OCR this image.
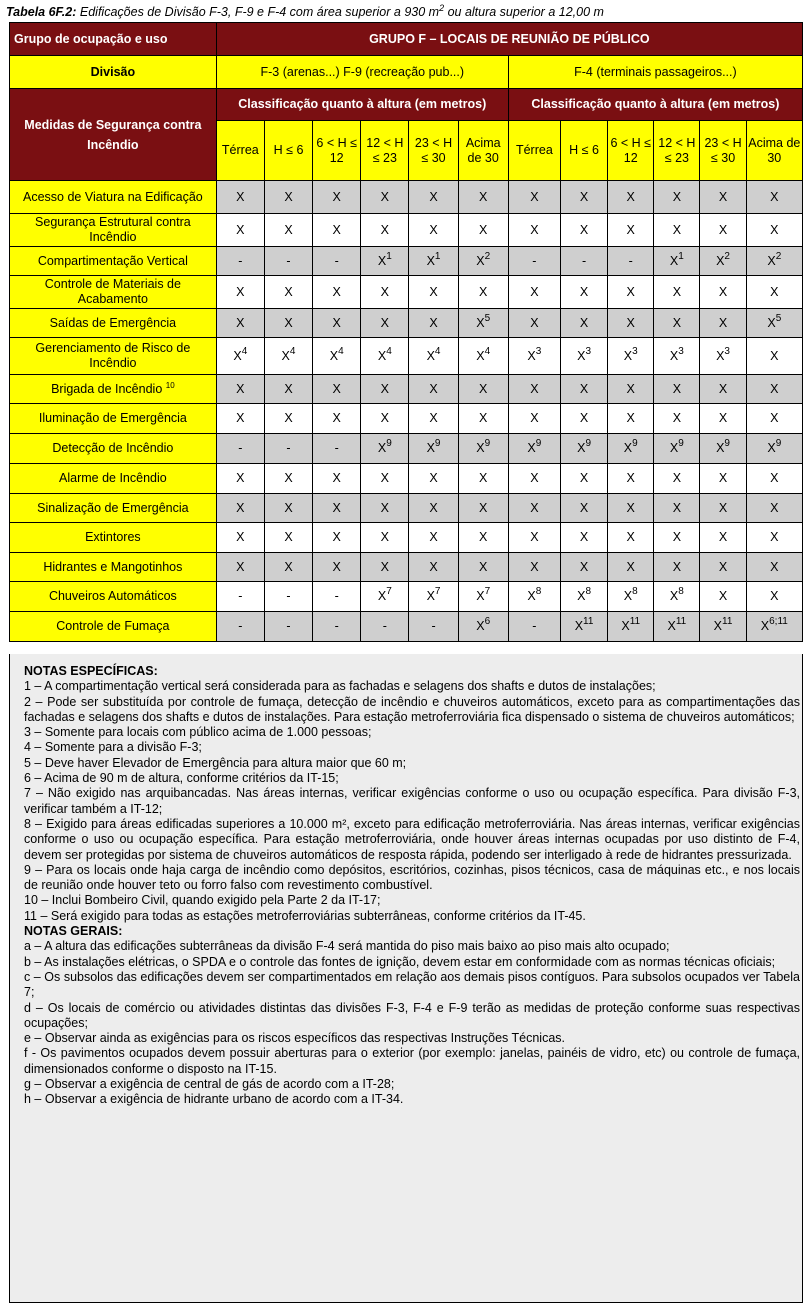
Tabela 6F.2: Edificações de Divisão F-3, F-9 e F-4 com área superior a 930 $m^2$ ou altura superior a 12,00 m
Grupo de ocupação e uso	GRUPO F – LOCAIS DE REUNIÃO DE PÚBLICO											
Divisão	F-3 (arenas...) F-9 (recreação pub...)						F-4 (terminais passageiros...)					
Medidas de Segurança contra Incêndio	Classificação quanto à altura (em metros)						Classificação quanto à altura (em metros)					
	Térrea	H ≤ 6	6 < H ≤ 12	12 < H ≤ 23	23 < H ≤ 30	Acima de 30	Térrea	H ≤ 6	6 < H ≤ 12	12 < H ≤ 23	23 < H ≤ 30	Acima de 30
Acesso de Viatura na Edificação	X	X	X	X	X	X	X	X	X	X	X	X
Segurança Estrutural contra Incêndio	X	X	X	X	X	X	X	X	X	X	X	X
Compartimentação Vertical	-	-	-	$X^1$	$X^1$	$X^2$	-	-	-	$X^1$	$X^2$	$X^2$
Controle de Materiais de Acabamento	X	X	X	X	X	X	X	X	X	X	X	X
Saídas de Emergência	X	X	X	X	X	$X^5$	X	X	X	X	X	$X^5$
Gerenciamento de Risco de Incêndio	$X^4$	$X^4$	$X^4$	$X^4$	$X^4$	$X^4$	$X^3$	$X^3$	$X^3$	$X^3$	$X^3$	X
Brigada de Incêndio $^{10}$	X	X	X	X	X	X	X	X	X	X	X	X
Iluminação de Emergência	X	X	X	X	X	X	X	X	X	X	X	X
Detecção de Incêndio	-	-	-	$X^9$	$X^9$	$X^9$	$X^9$	$X^9$	$X^9$	$X^9$	$X^9$	$X^9$
Alarme de Incêndio	X	X	X	X	X	X	X	X	X	X	X	X
Sinalização de Emergência	X	X	X	X	X	X	X	X	X	X	X	X
Extintores	X	X	X	X	X	X	X	X	X	X	X	X
Hidrantes e Mangotinhos	X	X	X	X	X	X	X	X	X	X	X	X
Chuveiros Automáticos	-	-	-	$X^7$	$X^7$	$X^7$	$X^8$	$X^8$	$X^8$	$X^8$	X	X
Controle de Fumaça	-	-	-	-	-	$X^6$	-	$X^{11}$	$X^{11}$	$X^{11}$	$X^{11}$	$X^{6;11}$
NOTAS ESPECÍFICAS:
1 – A compartimentação vertical será considerada para as fachadas e selagens dos shafts e dutos de instalações;
2 – Pode ser substituída por controle de fumaça, detecção de incêndio e chuveiros automáticos, exceto para as compartimentações das fachadas e selagens dos shafts e dutos de instalações. Para estação metroferroviária fica dispensado o sistema de chuveiros automáticos;
3 – Somente para locais com público acima de 1.000 pessoas;
4 – Somente para a divisão F-3;
5 – Deve haver Elevador de Emergência para altura maior que 60 m;
6 – Acima de 90 m de altura, conforme critérios da IT-15;
7 – Não exigido nas arquibancadas. Nas áreas internas, verificar exigências conforme o uso ou ocupação específica. Para divisão F-3, verificar também a IT-12;
8 – Exigido para áreas edificadas superiores a 10.000 m², exceto para edificação metroferroviária. Nas áreas internas, verificar exigências conforme o uso ou ocupação específica. Para estação metroferroviária, onde houver áreas internas ocupadas por uso distinto de F-4, devem ser protegidas por sistema de chuveiros automáticos de resposta rápida, podendo ser interligado à rede de hidrantes pressurizada.
9 – Para os locais onde haja carga de incêndio como depósitos, escritórios, cozinhas, pisos técnicos, casa de máquinas etc., e nos locais de reunião onde houver teto ou forro falso com revestimento combustível.
10 – Inclui Bombeiro Civil, quando exigido pela Parte 2 da IT-17;
11 – Será exigido para todas as estações metroferroviárias subterrâneas, conforme critérios da IT-45.
NOTAS GERAIS:
a – A altura das edificações subterrâneas da divisão F-4 será mantida do piso mais baixo ao piso mais alto ocupado;
b – As instalações elétricas, o SPDA e o controle das fontes de ignição, devem estar em conformidade com as normas técnicas oficiais;
c – Os subsolos das edificações devem ser compartimentados em relação aos demais pisos contíguos. Para subsolos ocupados ver Tabela 7;
d – Os locais de comércio ou atividades distintas das divisões F-3, F-4 e F-9 terão as medidas de proteção conforme suas respectivas ocupações;
e – Observar ainda as exigências para os riscos específicos das respectivas Instruções Técnicas.
f - Os pavimentos ocupados devem possuir aberturas para o exterior (por exemplo: janelas, painéis de vidro, etc) ou controle de fumaça, dimensionados conforme o disposto na IT-15.
g – Observar a exigência de central de gás de acordo com a IT-28;
h – Observar a exigência de hidrante urbano de acordo com a IT-34.
